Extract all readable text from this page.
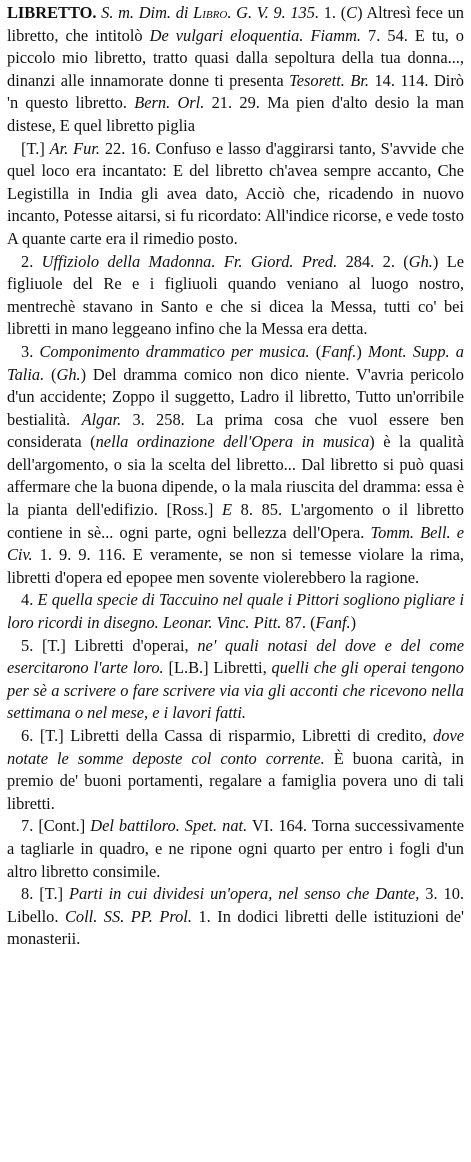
LIBRETTO. S. m. Dim. di Libro. G. V. 9. 135. 1. (C) Altresì fece un libretto, che intitolò De vulgari eloquentia. Fiamm. 7. 54. E tu, o piccolo mio libretto, tratto quasi dalla sepoltura della tua donna..., dinanzi alle innamorate donne ti presenta Tesorett. Br. 14. 114. Dirò 'n questo libretto. Bern. Orl. 21. 29. Ma pien d'alto desio la man distese, E quel libretto piglia

[T.] Ar. Fur. 22. 16. Confuso e lasso d'aggirarsi tanto, S'avvide che quel loco era incantato: E del libretto ch'avea sempre accanto, Che Legistilla in India gli avea dato, Acciò che, ricadendo in nuovo incanto, Potesse aitarsi, si fu ricordato: All'indice ricorse, e vede tosto A quante carte era il rimedio posto.

2. Uffiziolo della Madonna. Fr. Giord. Pred. 284. 2. (Gh.) Le figliuole del Re e i figliuoli quando veniano al luogo nostro, mentrechè stavano in Santo e che si dicea la Messa, tutti co' bei libretti in mano leggeano infino che la Messa era detta.

3. Componimento drammatico per musica. (Fanf.) Mont. Supp. a Talia. (Gh.) Del dramma comico non dico niente. V'avria pericolo d'un accidente; Zoppo il suggetto, Ladro il libretto, Tutto un'orribile bestialità. Algar. 3. 258. La prima cosa che vuol essere ben considerata (nella ordinazione dell'Opera in musica) è la qualità dell'argomento, o sia la scelta del libretto... Dal libretto si può quasi affermare che la buona dipende, o la mala riuscita del dramma: essa è la pianta dell'edifizio. [Ross.] E 8. 85. L'argomento o il libretto contiene in sè... ogni parte, ogni bellezza dell'Opera. Tomm. Bell. e Civ. 1. 9. 9. 116. E veramente, se non si temesse violare la rima, libretti d'opera ed epopee men sovente violerebbero la ragione.

4. E quella specie di Taccuino nel quale i Pittori sogliono pigliare i loro ricordi in disegno. Leonar. Vinc. Pitt. 87. (Fanf.)

5. [T.] Libretti d'operai, ne' quali notasi del dove e del come esercitarono l'arte loro. [L.B.] Libretti, quelli che gli operai tengono per sè a scrivere o fare scrivere via via gli acconti che ricevono nella settimana o nel mese, e i lavori fatti.

6. [T.] Libretti della Cassa di risparmio, Libretti di credito, dove notate le somme deposte col conto corrente. È buona carità, in premio de' buoni portamenti, regalare a famiglia povera uno di tali libretti.

7. [Cont.] Del battiloro. Spet. nat. VI. 164. Torna successivamente a tagliarle in quadro, e ne ripone ogni quarto per entro i fogli d'un altro libretto consimile.

8. [T.] Parti in cui dividesi un'opera, nel senso che Dante, 3. 10. Libello. Coll. SS. PP. Prol. 1. In dodici libretti delle istituzioni de' monasterii.
